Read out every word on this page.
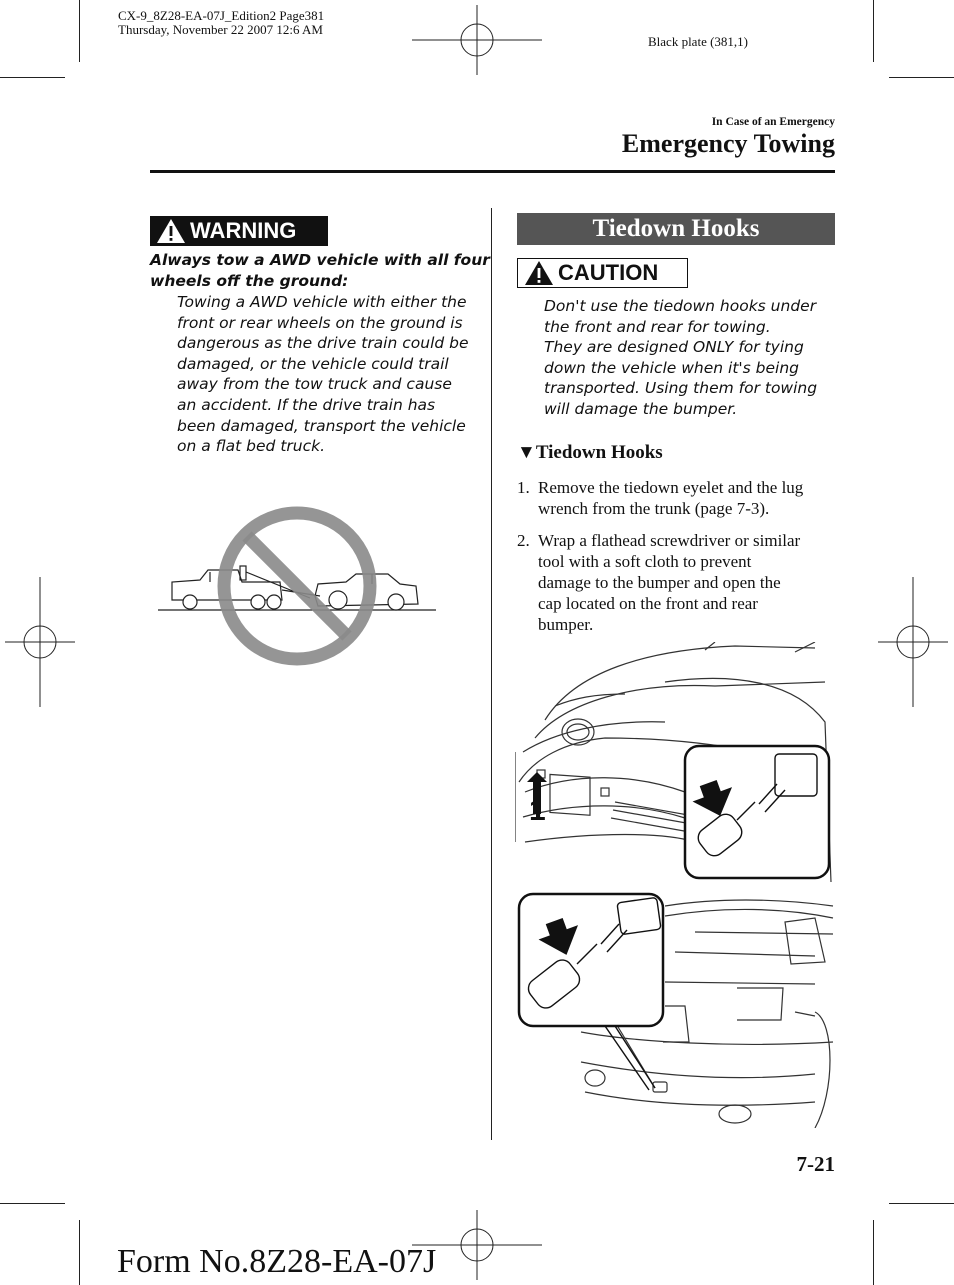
CX-9_8Z28-EA-07J_Edition2 Page381
Thursday, November 22 2007 12:6 AM
Black plate (381,1)
In Case of an Emergency
Emergency Towing
WARNING
Always tow a AWD vehicle with all four
wheels off the ground:
Towing a AWD vehicle with either the
front or rear wheels on the ground is
dangerous as the drive train could be
damaged, or the vehicle could trail
away from the tow truck and cause
an accident. If the drive train has
been damaged, transport the vehicle
on a flat bed truck.
Tiedown Hooks
CAUTION
Don't use the tiedown hooks under
the front and rear for towing.
They are designed ONLY for tying
down the vehicle when it's being
transported. Using them for towing
will damage the bumper.
▼Tiedown Hooks
1. Remove the tiedown eyelet and the lug
wrench from the trunk (page 7-3).
2. Wrap a flathead screwdriver or similar
tool with a soft cloth to prevent
damage to the bumper and open the
cap located on the front and rear
bumper.
1
7-21
Form No.8Z28-EA-07J
